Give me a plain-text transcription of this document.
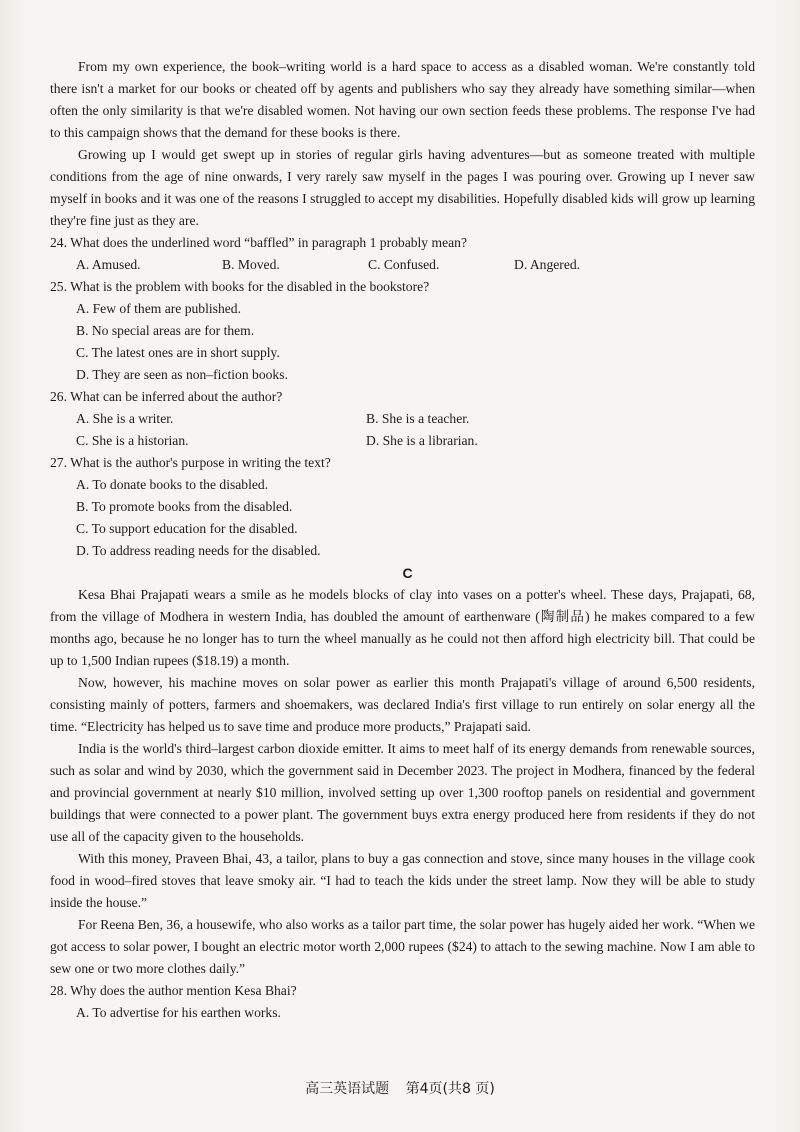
From my own experience, the book–writing world is a hard space to access as a disabled woman. We're constantly told there isn't a market for our books or cheated off by agents and publishers who say they already have something similar—when often the only similarity is that we're disabled women. Not having our own section feeds these problems. The response I've had to this campaign shows that the demand for these books is there.

Growing up I would get swept up in stories of regular girls having adventures—but as someone treated with multiple conditions from the age of nine onwards, I very rarely saw myself in the pages I was pouring over. Growing up I never saw myself in books and it was one of the reasons I struggled to accept my disabilities. Hopefully disabled kids will grow up learning they're fine just as they are.

24. What does the underlined word “baffled” in paragraph 1 probably mean?

A. Amused.	B. Moved.	C. Confused.	D. Angered.

25. What is the problem with books for the disabled in the bookstore?

A. Few of them are published.

B. No special areas are for them.

C. The latest ones are in short supply.

D. They are seen as non–fiction books.

26. What can be inferred about the author?

A. She is a writer.	B. She is a teacher.
C. She is a historian.	D. She is a librarian.

27. What is the author's purpose in writing the text?

A. To donate books to the disabled.

B. To promote books from the disabled.

C. To support education for the disabled.

D. To address reading needs for the disabled.

C

Kesa Bhai Prajapati wears a smile as he models blocks of clay into vases on a potter's wheel. These days, Prajapati, 68, from the village of Modhera in western India, has doubled the amount of earthenware (陶制品) he makes compared to a few months ago, because he no longer has to turn the wheel manually as he could not then afford high electricity bill. That could be up to 1,500 Indian rupees ($18.19) a month.

Now, however, his machine moves on solar power as earlier this month Prajapati's village of around 6,500 residents, consisting mainly of potters, farmers and shoemakers, was declared India's first village to run entirely on solar energy all the time. “Electricity has helped us to save time and produce more products,” Prajapati said.

India is the world's third–largest carbon dioxide emitter. It aims to meet half of its energy demands from renewable sources, such as solar and wind by 2030, which the government said in December 2023. The project in Modhera, financed by the federal and provincial government at nearly $10 million, involved setting up over 1,300 rooftop panels on residential and government buildings that were connected to a power plant. The government buys extra energy produced here from residents if they do not use all of the capacity given to the households.

With this money, Praveen Bhai, 43, a tailor, plans to buy a gas connection and stove, since many houses in the village cook food in wood–fired stoves that leave smoky air. “I had to teach the kids under the street lamp. Now they will be able to study inside the house.”

For Reena Ben, 36, a housewife, who also works as a tailor part time, the solar power has hugely aided her work. “When we got access to solar power, I bought an electric motor worth 2,000 rupees ($24) to attach to the sewing machine. Now I am able to sew one or two more clothes daily.”

28. Why does the author mention Kesa Bhai?

A. To advertise for his earthen works.

高三英语试题 第4页(共8 页)
